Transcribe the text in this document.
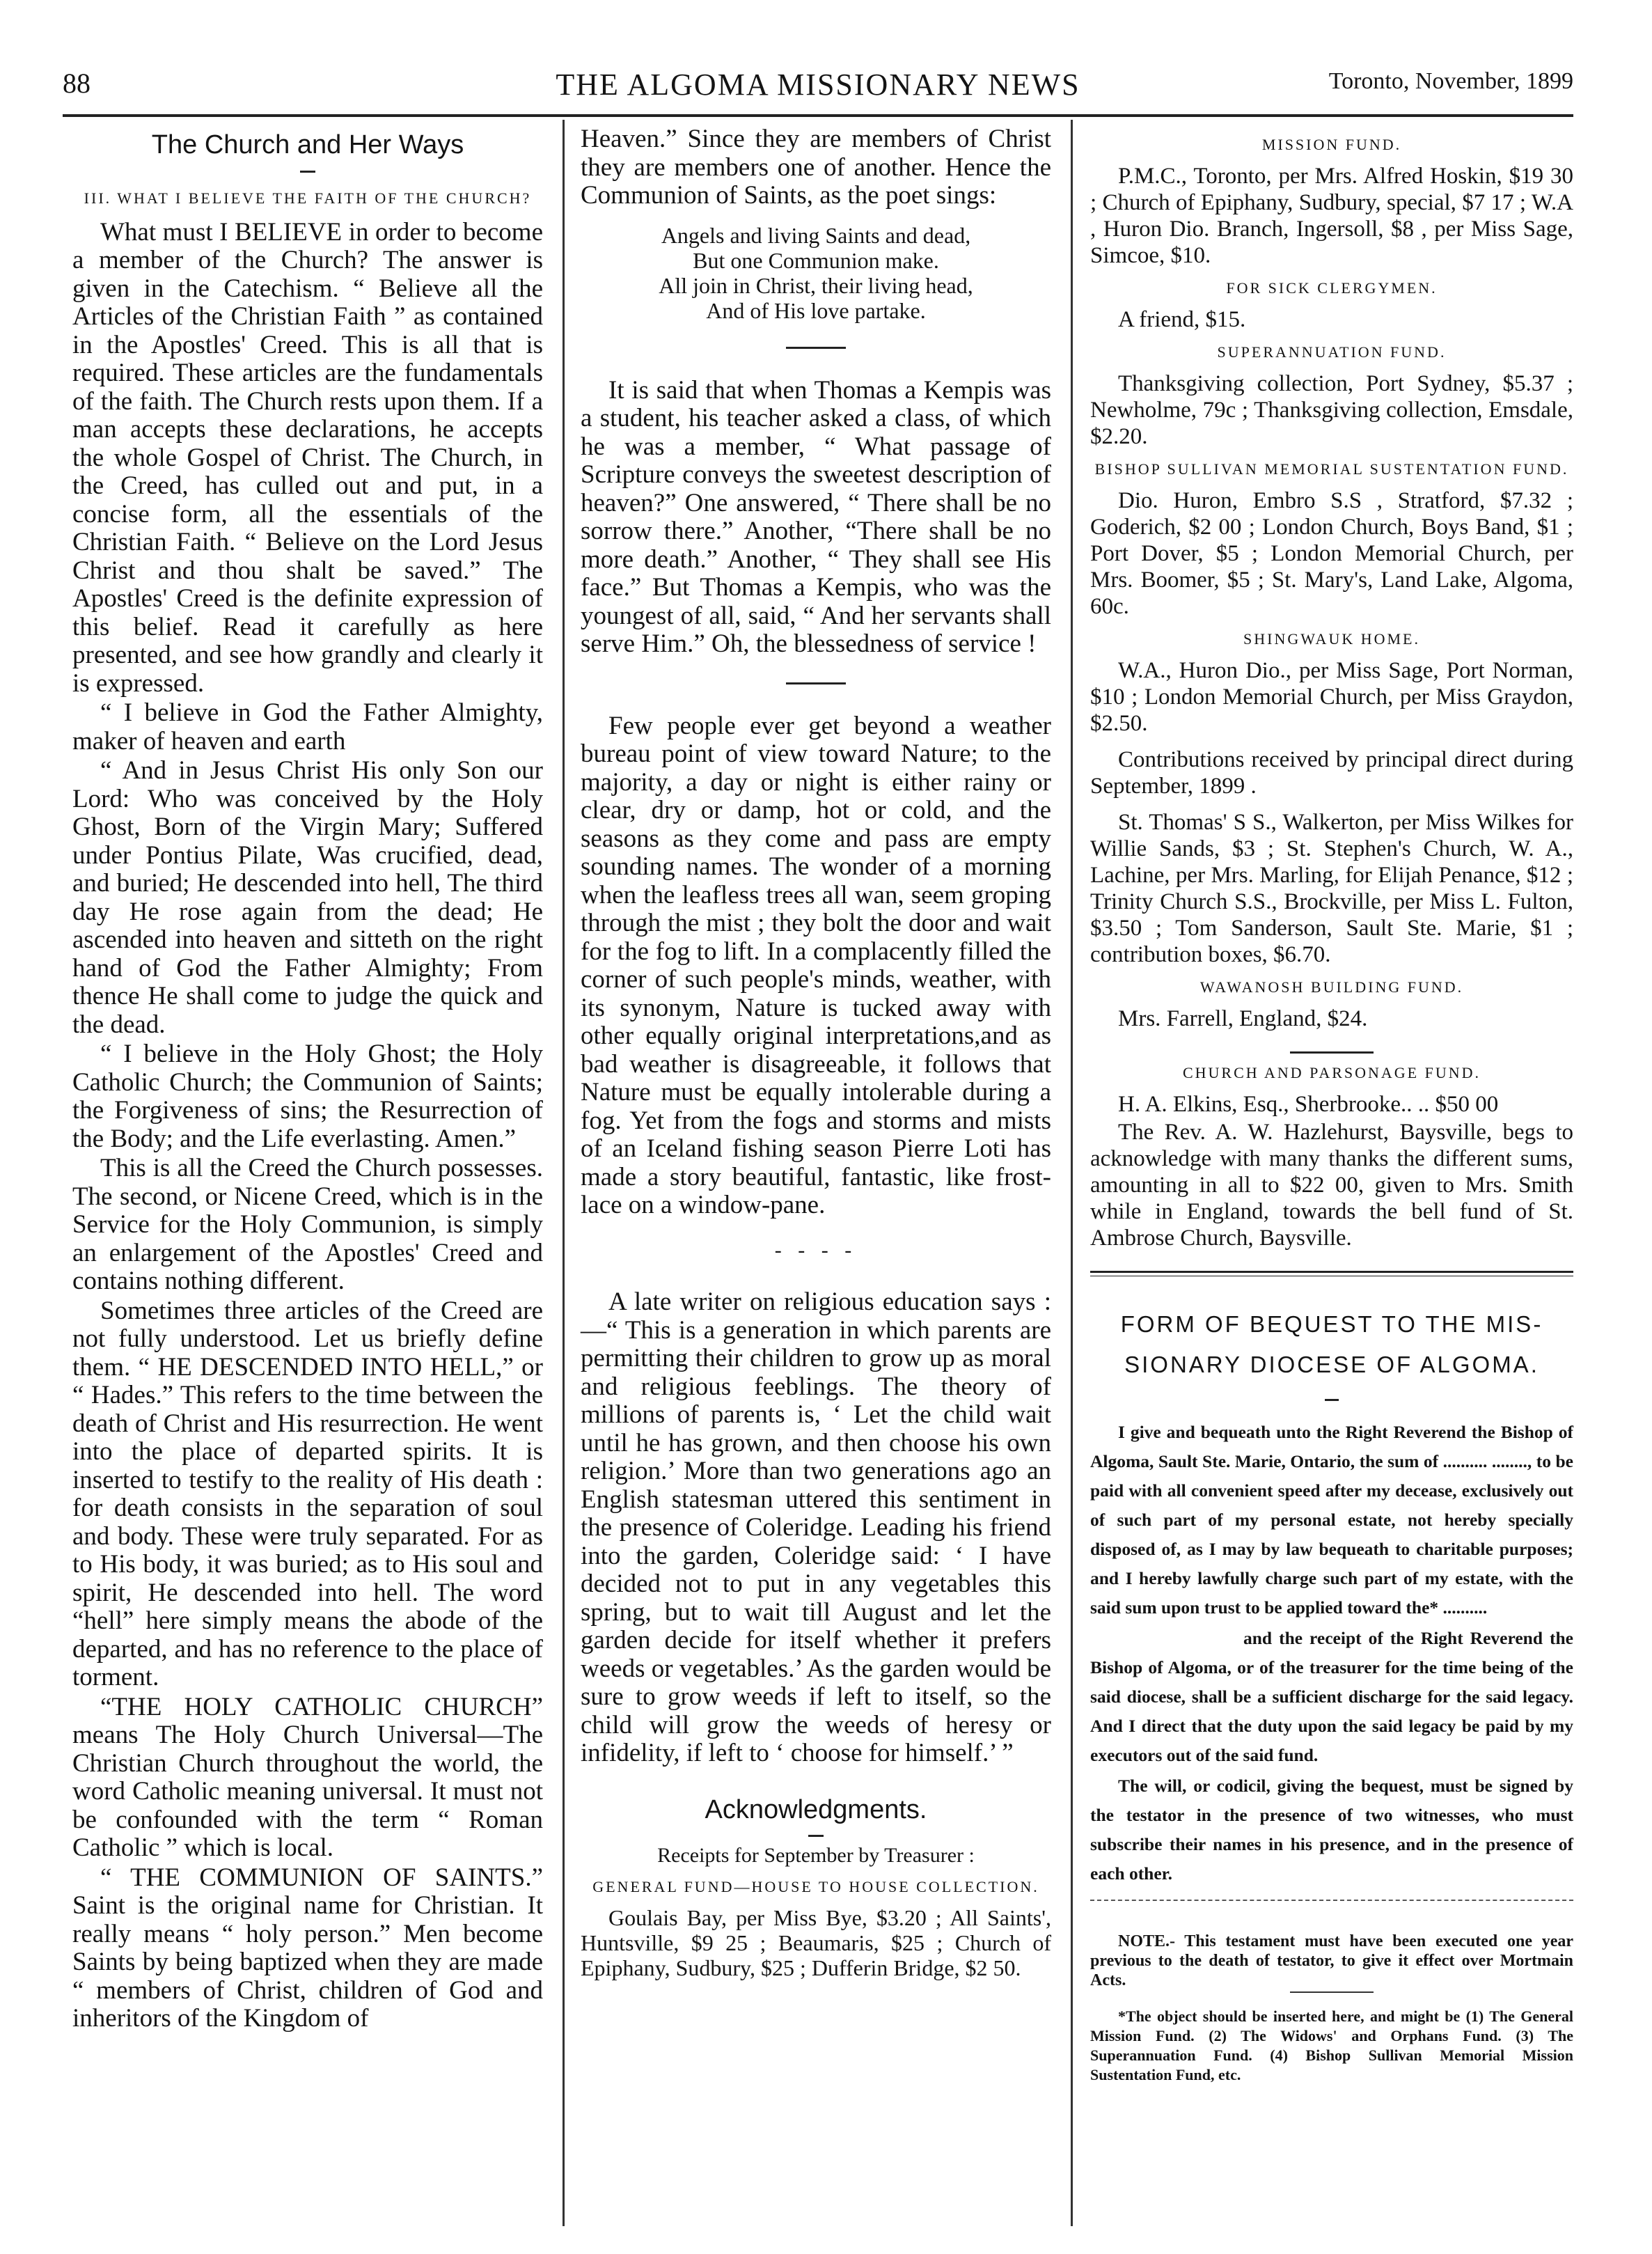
88	THE ALGOMA MISSIONARY NEWS	Toronto, November, 1899
The Church and Her Ways
III. WHAT I BELIEVE THE FAITH OF THE CHURCH?

What must I BELIEVE in order to become a member of the Church? The answer is given in the Catechism. “ Believe all the Articles of the Christian Faith ” as contained in the Apostles' Creed. This is all that is required. These articles are the fundamentals of the faith. The Church rests upon them. If a man accepts these declarations, he accepts the whole Gospel of Christ. The Church, in the Creed, has culled out and put, in a concise form, all the essentials of the Christian Faith. “ Believe on the Lord Jesus Christ and thou shalt be saved.” The Apostles' Creed is the definite expression of this belief. Read it carefully as here presented, and see how grandly and clearly it is expressed.

“ I believe in God the Father Almighty, maker of heaven and earth

“ And in Jesus Christ His only Son our Lord: Who was conceived by the Holy Ghost, Born of the Virgin Mary; Suffered under Pontius Pilate, Was crucified, dead, and buried; He descended into hell, The third day He rose again from the dead; He ascended into heaven and sitteth on the right hand of God the Father Almighty; From thence He shall come to judge the quick and the dead.

“ I believe in the Holy Ghost; the Holy Catholic Church; the Communion of Saints; the Forgiveness of sins; the Resurrection of the Body; and the Life everlasting. Amen.”

This is all the Creed the Church possesses. The second, or Nicene Creed, which is in the Service for the Holy Communion, is simply an enlargement of the Apostles' Creed and contains nothing different.

Sometimes three articles of the Creed are not fully understood. Let us briefly define them. “ HE DESCENDED INTO HELL,” or “ Hades.” This refers to the time between the death of Christ and His resurrection. He went into the place of departed spirits. It is inserted to testify to the reality of His death : for death consists in the separation of soul and body. These were truly separated. For as to His body, it was buried; as to His soul and spirit, He descended into hell. The word “hell” here simply means the abode of the departed, and has no reference to the place of torment.

“THE HOLY CATHOLIC CHURCH” means The Holy Church Universal—The Christian Church throughout the world, the word Catholic meaning universal. It must not be confounded with the term “ Roman Catholic ” which is local.

“ THE COMMUNION OF SAINTS.” Saint is the original name for Christian. It really means “ holy person.” Men become Saints by being baptized when they are made “ members of Christ, children of God and inheritors of the Kingdom of

Heaven.” Since they are members of Christ they are members one of another. Hence the Communion of Saints, as the poet sings:

Angels and living Saints and dead,
But one Communion make.
All join in Christ, their living head,
And of His love partake.

It is said that when Thomas a Kempis was a student, his teacher asked a class, of which he was a member, “ What passage of Scripture conveys the sweetest description of heaven?” One answered, “ There shall be no sorrow there.” Another, “There shall be no more death.” Another, “ They shall see His face.” But Thomas a Kempis, who was the youngest of all, said, “ And her servants shall serve Him.” Oh, the blessedness of service !

Few people ever get beyond a weather bureau point of view toward Nature; to the majority, a day or night is either rainy or clear, dry or damp, hot or cold, and the seasons as they come and pass are empty sounding names. The wonder of a morning when the leafless trees all wan, seem groping through the mist ; they bolt the door and wait for the fog to lift. In a complacently filled the corner of such people's minds, weather, with its synonym, Nature is tucked away with other equally original interpretations,and as bad weather is disagreeable, it follows that Nature must be equally intolerable during a fog. Yet from the fogs and storms and mists of an Iceland fishing season Pierre Loti has made a story beautiful, fantastic, like frost-lace on a window-pane.

- - - -

A late writer on religious education says :—“ This is a generation in which parents are permitting their children to grow up as moral and religious feeblings. The theory of millions of parents is, ‘ Let the child wait until he has grown, and then choose his own religion.’ More than two generations ago an English statesman uttered this sentiment in the presence of Coleridge. Leading his friend into the garden, Coleridge said: ‘ I have decided not to put in any vegetables this spring, but to wait till August and let the garden decide for itself whether it prefers weeds or vegetables.’ As the garden would be sure to grow weeds if left to itself, so the child will grow the weeds of heresy or infidelity, if left to ‘ choose for himself.’ ”

Acknowledgments.
Receipts for September by Treasurer :
GENERAL FUND—HOUSE TO HOUSE COLLECTION.

Goulais Bay, per Miss Bye, $3.20 ; All Saints', Huntsville, $9 25 ; Beaumaris, $25 ; Church of Epiphany, Sudbury, $25 ; Dufferin Bridge, $2 50.

MISSION FUND.

P.M.C., Toronto, per Mrs. Alfred Hoskin, $19 30 ; Church of Epiphany, Sudbury, special, $7 17 ; W.A , Huron Dio. Branch, Ingersoll, $8 , per Miss Sage, Simcoe, $10.

FOR SICK CLERGYMEN.

A friend, $15.

SUPERANNUATION FUND.

Thanksgiving collection, Port Sydney, $5.37 ; Newholme, 79c ; Thanksgiving collection, Emsdale, $2.20.

BISHOP SULLIVAN MEMORIAL SUSTENTATION FUND.

Dio. Huron, Embro S.S , Stratford, $7.32 ; Goderich, $2 00 ; London Church, Boys Band, $1 ; Port Dover, $5 ; London Memorial Church, per Mrs. Boomer, $5 ; St. Mary's, Land Lake, Algoma, 60c.

SHINGWAUK HOME.

W.A., Huron Dio., per Miss Sage, Port Norman, $10 ; London Memorial Church, per Miss Graydon, $2.50.

Contributions received by principal direct during September, 1899 .

St. Thomas' S S., Walkerton, per Miss Wilkes for Willie Sands, $3 ; St. Stephen's Church, W. A., Lachine, per Mrs. Marling, for Elijah Penance, $12 ; Trinity Church S.S., Brockville, per Miss L. Fulton, $3.50 ; Tom Sanderson, Sault Ste. Marie, $1 ; contribution boxes, $6.70.

WAWANOSH BUILDING FUND.

Mrs. Farrell, England, $24.

CHURCH AND PARSONAGE FUND.

H. A. Elkins, Esq., Sherbrooke.. .. $50 00

The Rev. A. W. Hazlehurst, Baysville, begs to acknowledge with many thanks the different sums, amounting in all to $22 00, given to Mrs. Smith while in England, towards the bell fund of St. Ambrose Church, Baysville.

FORM OF BEQUEST TO THE MIS-
SIONARY DIOCESE OF ALGOMA.

I give and bequeath unto the Right Reverend the Bishop of Algoma, Sault Ste. Marie, Ontario, the sum of .......... ........, to be paid with all convenient speed after my decease, exclusively out of such part of my personal estate, not hereby specially disposed of, as I may by law bequeath to charitable purposes; and I hereby lawfully charge such part of my estate, with the said sum upon trust to be applied toward the* ..........

and the receipt of the Right Reverend the Bishop of Algoma, or of the treasurer for the time being of the said diocese, shall be a sufficient discharge for the said legacy. And I direct that the duty upon the said legacy be paid by my executors out of the said fund.

The will, or codicil, giving the bequest, must be signed by the testator in the presence of two witnesses, who must subscribe their names in his presence, and in the presence of each other.

NOTE.- This testament must have been executed one year previous to the death of testator, to give it effect over Mortmain Acts.

*The object should be inserted here, and might be (1) The General Mission Fund. (2) The Widows' and Orphans Fund. (3) The Superannuation Fund. (4) Bishop Sullivan Memorial Mission Sustentation Fund, etc.
